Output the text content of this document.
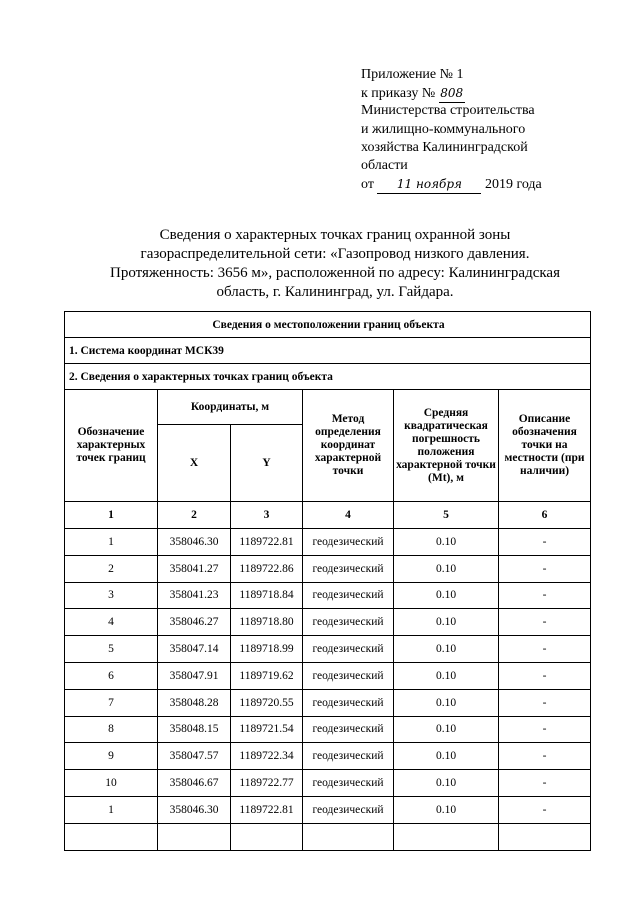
Приложение № 1
к приказу № 808
Министерства строительства
и жилищно-коммунального
хозяйства Калининградской
области
от 11 ноября 2019 года
Сведения о характерных точках границ охранной зоны
газораспределительной сети: «Газопровод низкого давления.
Протяженность: 3656 м», расположенной по адресу: Калининградская
область, г. Калининград, ул. Гайдара.
Сведения о местоположении границ объекта					
1. Система координат МСК39					
2. Сведения о характерных точках границ объекта					
Обозначение характерных точек границ	Координаты, м		Метод определения координат характерной точки	Средняя квадратическая погрешность положения характерной точки (Mt), м	Описание обозначения точки на местности (при наличии)
	X	Y			
1	2	3	4	5	6
1	358046.30	1189722.81	геодезический	0.10	-
2	358041.27	1189722.86	геодезический	0.10	-
3	358041.23	1189718.84	геодезический	0.10	-
4	358046.27	1189718.80	геодезический	0.10	-
5	358047.14	1189718.99	геодезический	0.10	-
6	358047.91	1189719.62	геодезический	0.10	-
7	358048.28	1189720.55	геодезический	0.10	-
8	358048.15	1189721.54	геодезический	0.10	-
9	358047.57	1189722.34	геодезический	0.10	-
10	358046.67	1189722.77	геодезический	0.10	-
1	358046.30	1189722.81	геодезический	0.10	-
